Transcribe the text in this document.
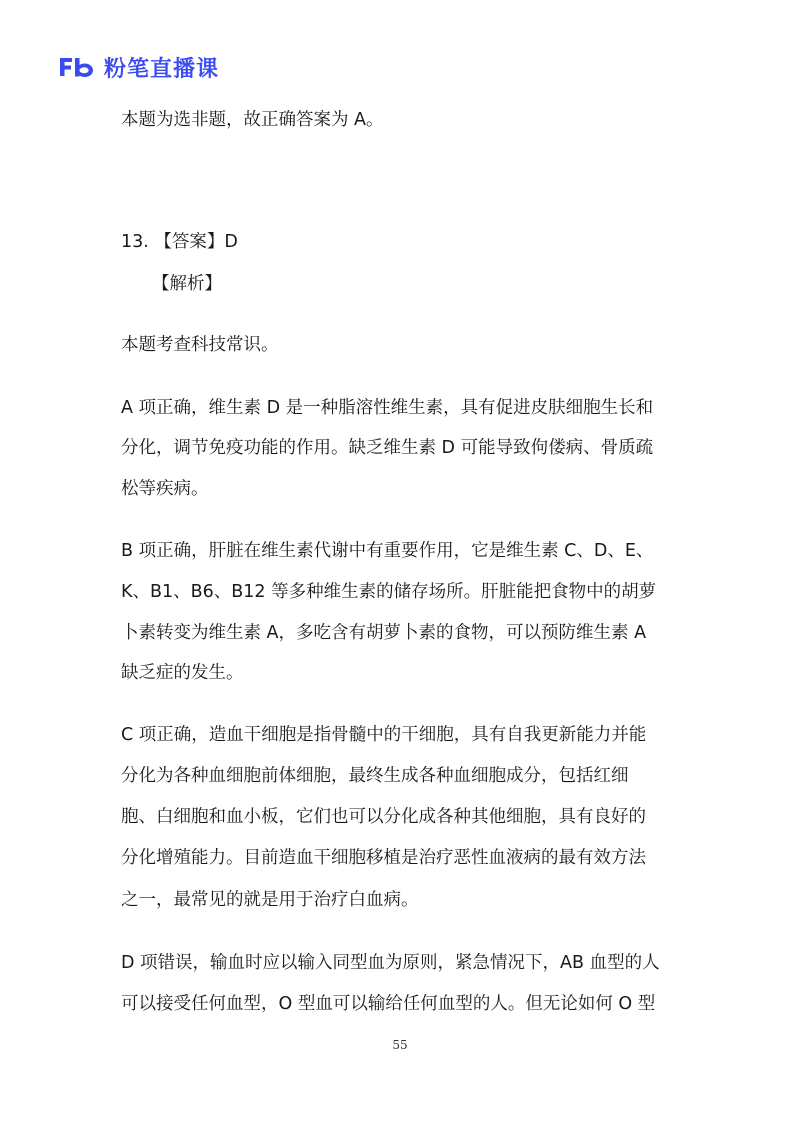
粉笔直播课
本题为选非题，故正确答案为 A。
13. 【答案】D
【解析】
本题考查科技常识。
A 项正确，维生素 D 是一种脂溶性维生素，具有促进皮肤细胞生长和
分化，调节免疫功能的作用。缺乏维生素 D 可能导致佝偻病、骨质疏
松等疾病。
B 项正确，肝脏在维生素代谢中有重要作用，它是维生素 C、D、E、
K、B1、B6、B12 等多种维生素的储存场所。肝脏能把食物中的胡萝
卜素转变为维生素 A，多吃含有胡萝卜素的食物，可以预防维生素 A
缺乏症的发生。
C 项正确，造血干细胞是指骨髓中的干细胞，具有自我更新能力并能
分化为各种血细胞前体细胞，最终生成各种血细胞成分，包括红细
胞、白细胞和血小板，它们也可以分化成各种其他细胞，具有良好的
分化增殖能力。目前造血干细胞移植是治疗恶性血液病的最有效方法
之一，最常见的就是用于治疗白血病。
D 项错误，输血时应以输入同型血为原则，紧急情况下，AB 血型的人
可以接受任何血型，O 型血可以输给任何血型的人。但无论如何 O 型
55
